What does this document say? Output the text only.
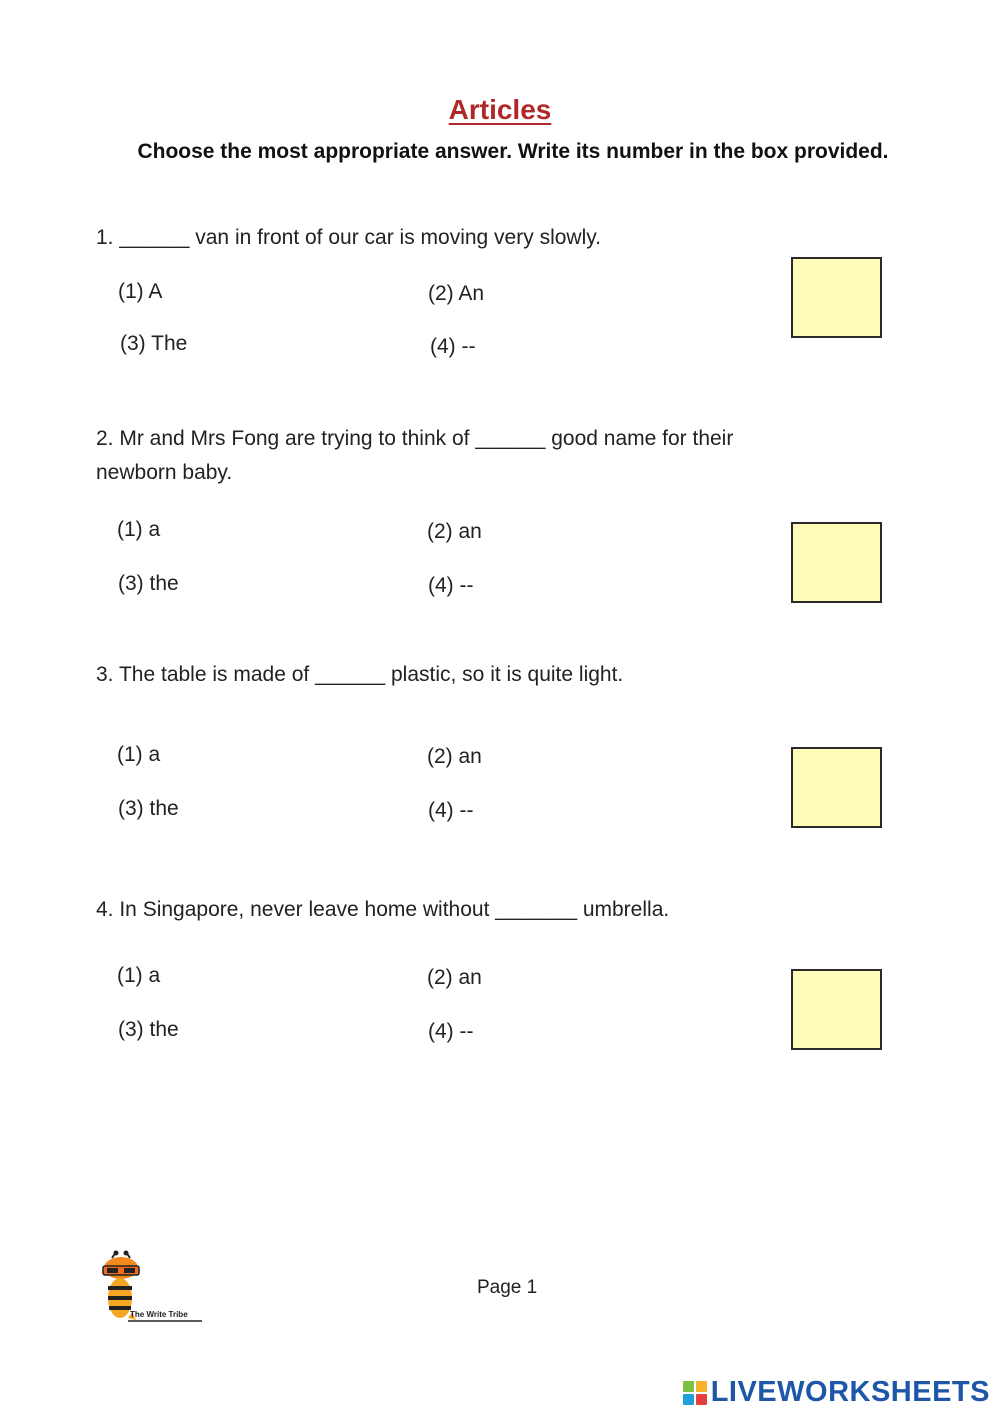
Articles
Choose the most appropriate answer. Write its number in the box provided.
1. ______ van in front of our car is moving very slowly.
(1) A	(2) An
(3) The	(4) --
2. Mr and Mrs Fong are trying to think of ______ good name for their newborn baby.
(1) a	(2) an
(3) the	(4) --
3. The table is made of ______ plastic, so it is quite light.
(1) a	(2) an
(3) the	(4) --
4. In Singapore, never leave home without _______ umbrella.
(1) a	(2) an
(3) the	(4) --
The Write Tribe
Page 1
LIVEWORKSHEETS
